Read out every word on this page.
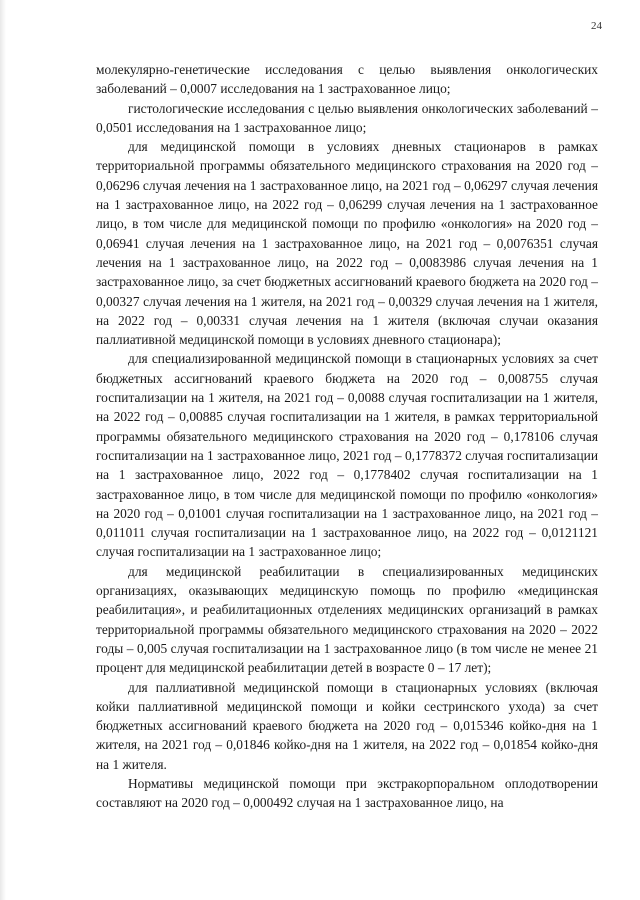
24

молекулярно-генетические исследования с целью выявления онкологических заболеваний – 0,0007 исследования на 1 застрахованное лицо;

гистологические исследования с целью выявления онкологических заболеваний – 0,0501 исследования на 1 застрахованное лицо;

для медицинской помощи в условиях дневных стационаров в рамках территориальной программы обязательного медицинского страхования на 2020 год – 0,06296 случая лечения на 1 застрахованное лицо, на 2021 год – 0,06297 случая лечения на 1 застрахованное лицо, на 2022 год – 0,06299 случая лечения на 1 застрахованное лицо, в том числе для медицинской помощи по профилю «онкология» на 2020 год – 0,06941 случая лечения на 1 застрахованное лицо, на 2021 год – 0,0076351 случая лечения на 1 застрахованное лицо, на 2022 год – 0,0083986 случая лечения на 1 застрахованное лицо, за счет бюджетных ассигнований краевого бюджета на 2020 год – 0,00327 случая лечения на 1 жителя, на 2021 год – 0,00329 случая лечения на 1 жителя, на 2022 год – 0,00331 случая лечения на 1 жителя (включая случаи оказания паллиативной медицинской помощи в условиях дневного стационара);

для специализированной медицинской помощи в стационарных условиях за счет бюджетных ассигнований краевого бюджета на 2020 год – 0,008755 случая госпитализации на 1 жителя, на 2021 год – 0,0088 случая госпитализации на 1 жителя, на 2022 год – 0,00885 случая госпитализации на 1 жителя, в рамках территориальной программы обязательного медицинского страхования на 2020 год – 0,178106 случая госпитализации на 1 застрахованное лицо, 2021 год – 0,1778372 случая госпитализации на 1 застрахованное лицо, 2022 год – 0,1778402 случая госпитализации на 1 застрахованное лицо, в том числе для медицинской помощи по профилю «онкология» на 2020 год – 0,01001 случая госпитализации на 1 застрахованное лицо, на 2021 год – 0,011011 случая госпитализации на 1 застрахованное лицо, на 2022 год – 0,0121121 случая госпитализации на 1 застрахованное лицо;

для медицинской реабилитации в специализированных медицинских организациях, оказывающих медицинскую помощь по профилю «медицинская реабилитация», и реабилитационных отделениях медицинских организаций в рамках территориальной программы обязательного медицинского страхования на 2020 – 2022 годы – 0,005 случая госпитализации на 1 застрахованное лицо (в том числе не менее 21 процент для медицинской реабилитации детей в возрасте 0 – 17 лет);

для паллиативной медицинской помощи в стационарных условиях (включая койки паллиативной медицинской помощи и койки сестринского ухода) за счет бюджетных ассигнований краевого бюджета на 2020 год – 0,015346 койко-дня на 1 жителя, на 2021 год – 0,01846 койко-дня на 1 жителя, на 2022 год – 0,01854 койко-дня на 1 жителя.

Нормативы медицинской помощи при экстракорпоральном оплодотворении составляют на 2020 год – 0,000492 случая на 1 застрахованное лицо, на
